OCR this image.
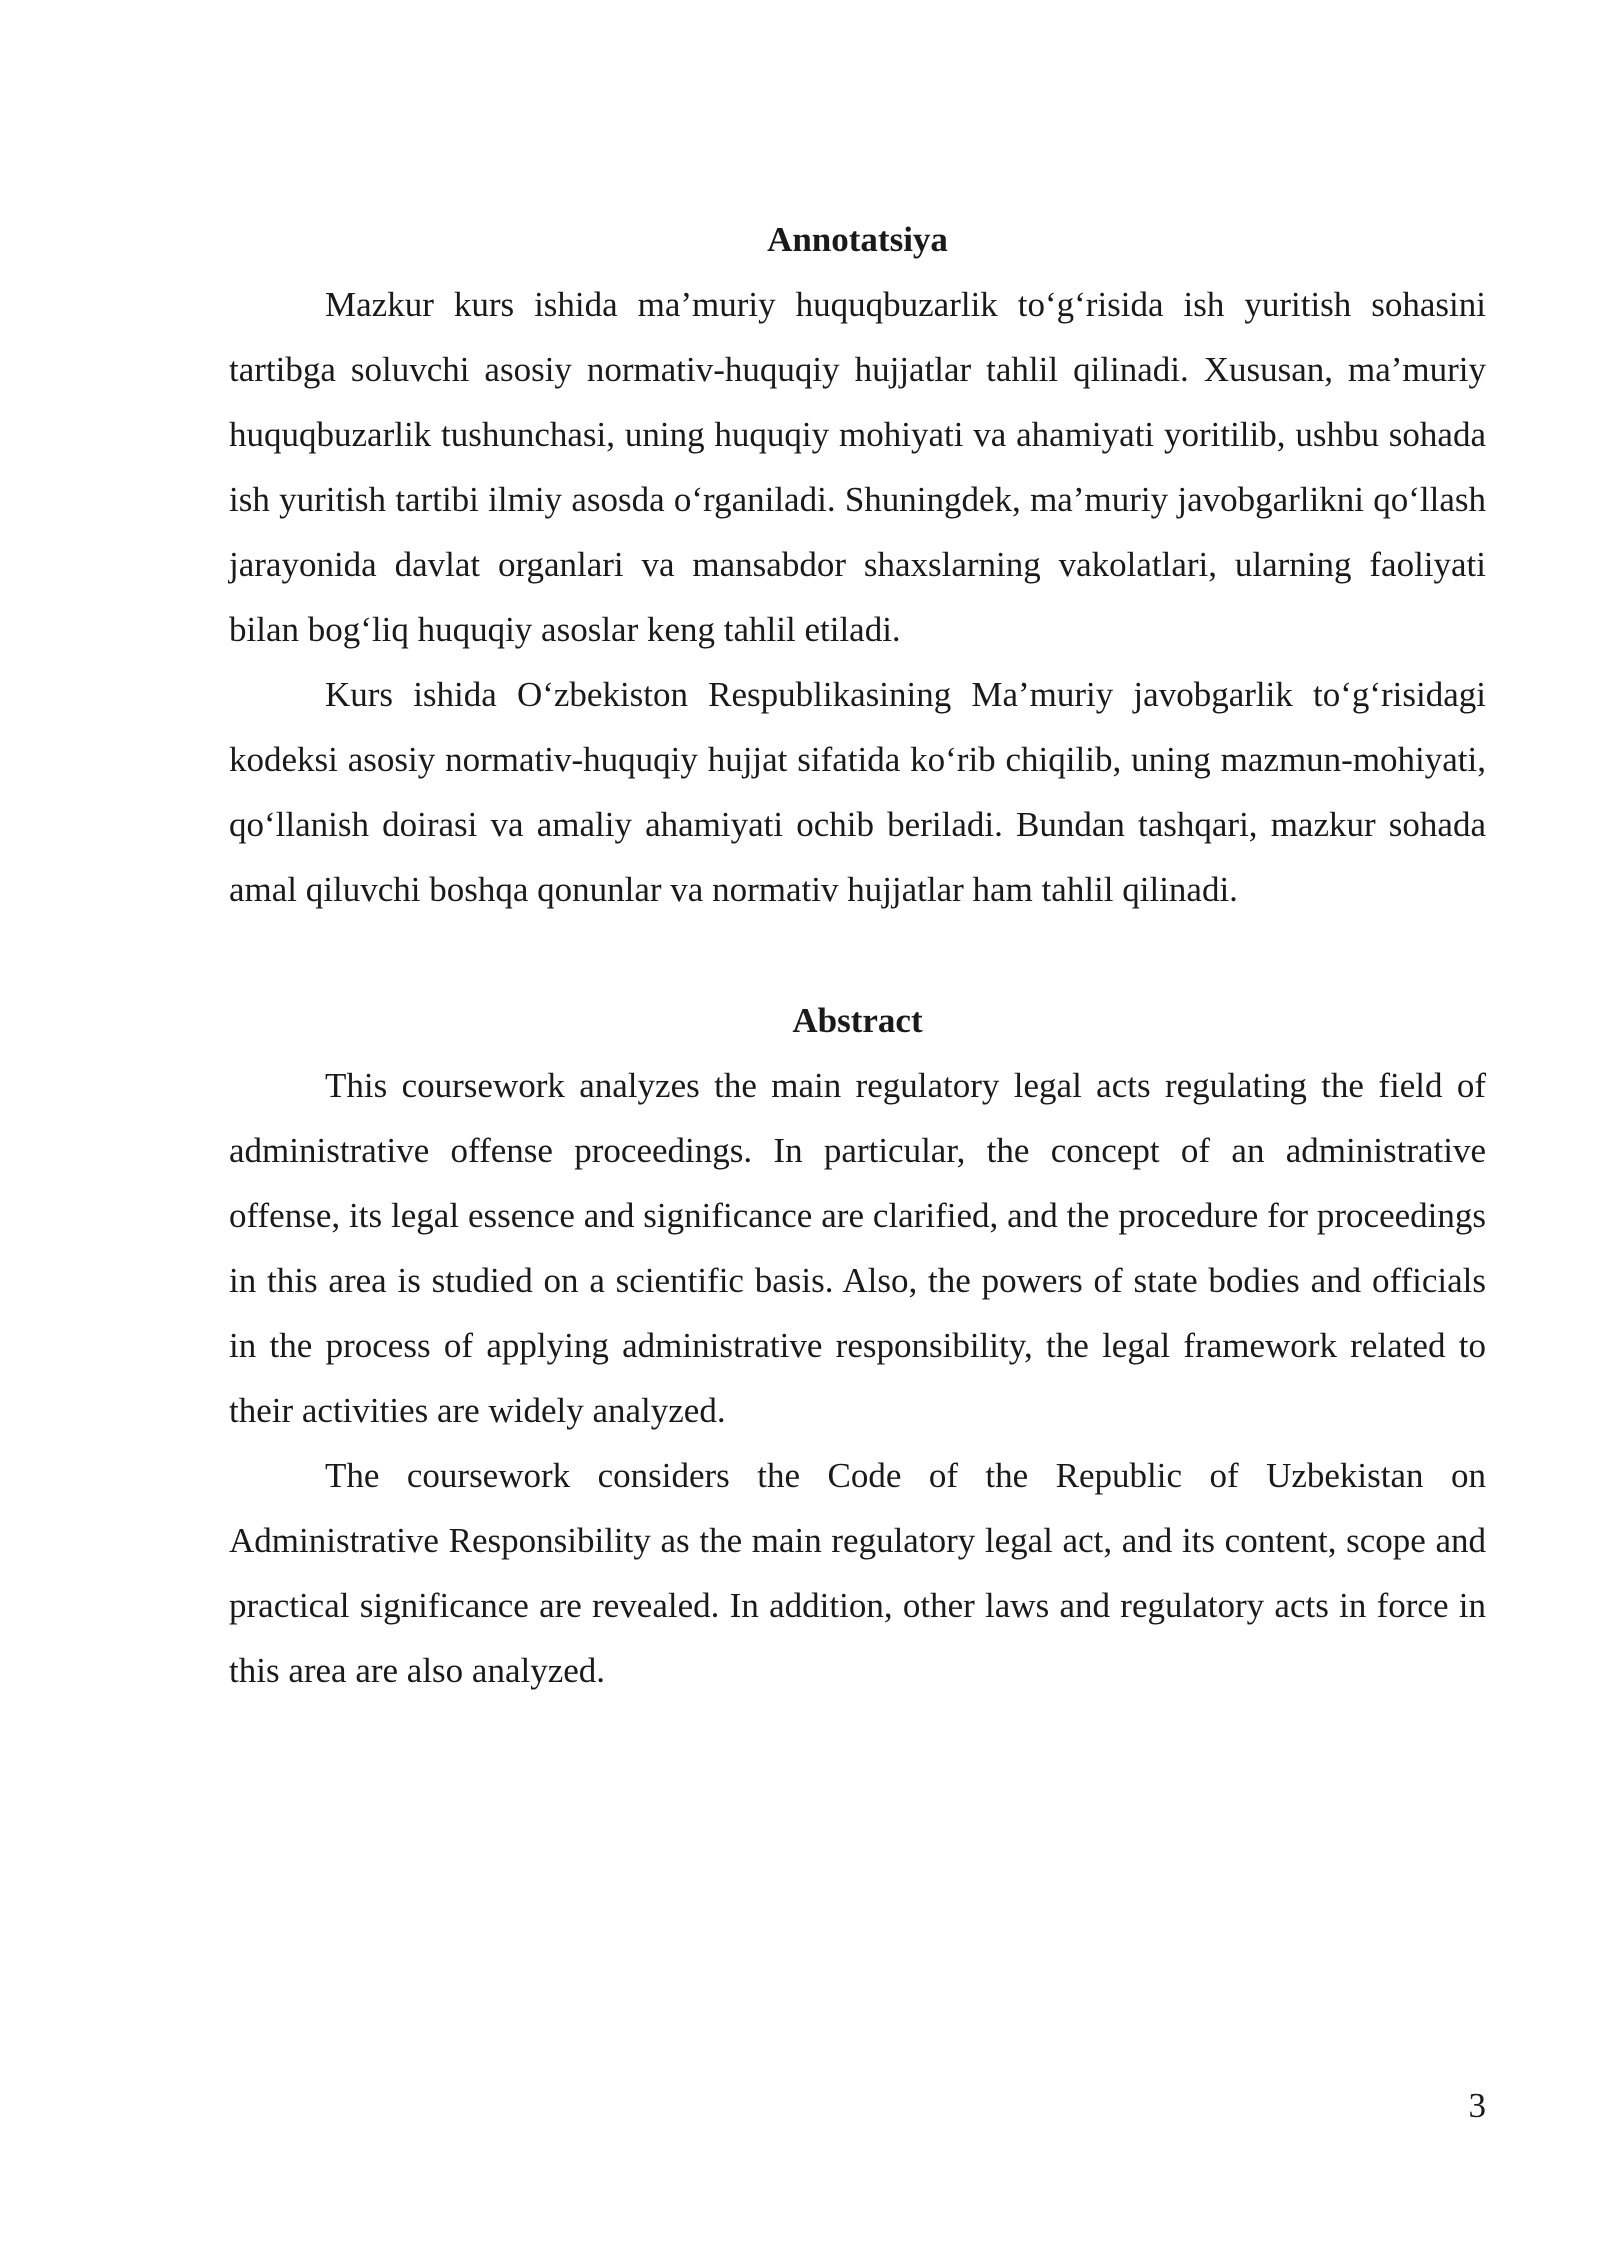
Annotatsiya

Mazkur kurs ishida ma’muriy huquqbuzarlik to‘g‘risida ish yuritish sohasini tartibga soluvchi asosiy normativ-huquqiy hujjatlar tahlil qilinadi. Xususan, ma’muriy huquqbuzarlik tushunchasi, uning huquqiy mohiyati va ahamiyati yoritilib, ushbu sohada ish yuritish tartibi ilmiy asosda o‘rganiladi. Shuningdek, ma’muriy javobgarlikni qo‘llash jarayonida davlat organlari va mansabdor shaxslarning vakolatlari, ularning faoliyati bilan bog‘liq huquqiy asoslar keng tahlil etiladi.

Kurs ishida O‘zbekiston Respublikasining Ma’muriy javobgarlik to‘g‘risidagi kodeksi asosiy normativ-huquqiy hujjat sifatida ko‘rib chiqilib, uning mazmun-mohiyati, qo‘llanish doirasi va amaliy ahamiyati ochib beriladi. Bundan tashqari, mazkur sohada amal qiluvchi boshqa qonunlar va normativ hujjatlar ham tahlil qilinadi.

Abstract

This coursework analyzes the main regulatory legal acts regulating the field of administrative offense proceedings. In particular, the concept of an administrative offense, its legal essence and significance are clarified, and the procedure for proceedings in this area is studied on a scientific basis. Also, the powers of state bodies and officials in the process of applying administrative responsibility, the legal framework related to their activities are widely analyzed.

The coursework considers the Code of the Republic of Uzbekistan on Administrative Responsibility as the main regulatory legal act, and its content, scope and practical significance are revealed. In addition, other laws and regulatory acts in force in this area are also analyzed.

3
